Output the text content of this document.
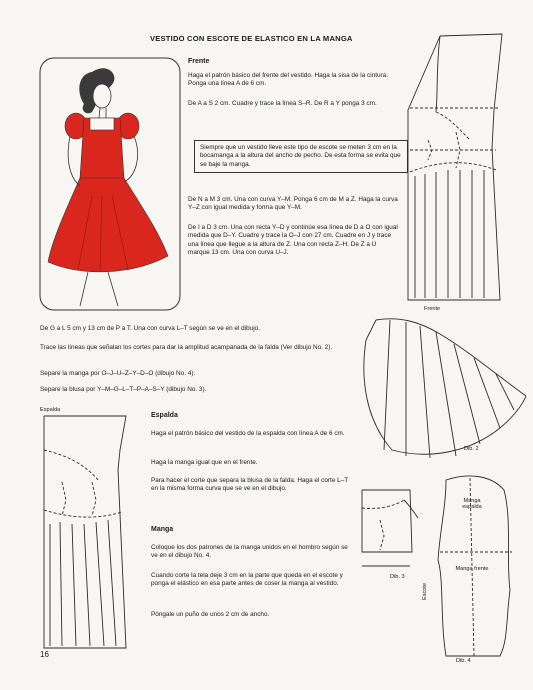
VESTIDO CON ESCOTE DE ELASTICO EN LA MANGA
Frente

Haga el patrón básico del frente del vestido. Haga la sisa de la cintura. Ponga una línea A de 6 cm.

De A a S 2 cm. Cuadre y trace la línea S–R. De R a Y ponga 3 cm.

Siempre que un vestido lleve este tipo de escote se meten 3 cm en la bocamanga a la altura del ancho de pecho. De esta forma se evita que se baje la manga.

De N a M 3 cm. Una con curva Y–M. Ponga 6 cm de M a Z. Haga la curva Y–Z con igual medida y forma que Y–M.

De I a D 3 cm. Una con recta Y–D y continúe esa línea de D a O con igual medida que D–Y. Cuadre y trace la O–J con 27 cm. Cuadre en J y trace una línea que llegue a la altura de Z. Una con recta Z–H. De Z a U marque 13 cm. Una con curva U–J.

De G a L 5 cm y 13 cm de P a T. Una con curva L–T según se ve en el dibujo.

Trace las líneas que señalan los cortes para dar la amplitud acampanada de la falda (Ver dibujo No. 2).

Separe la manga por O–J–U–Z–Y–D–O (dibujo No. 4).

Separe la blusa por Y–M–G–L–T–P–A–S–Y (dibujo No. 3).

Espalda

Haga el patrón básico del vestido de la espalda con línea A de 6 cm.

Haga la manga igual que en el frente.

Para hacer el corte que separa la blusa de la falda. Haga el corte L–T en la misma forma curva que se ve en el dibujo.

Manga

Coloque los dos patrones de la manga unidos en el hombro según se ve en el dibujo No. 4.

Cuando corte la tela deje 3 cm en la parte que queda en el escote y ponga el elástico en esa parte antes de coser la manga al vestido.

Póngale un puño de unos 2 cm de ancho.

Frente
Espalda
Dib. 2
Dib. 3
Dib. 4
Manga espalda
Manga frente
Escote
16
